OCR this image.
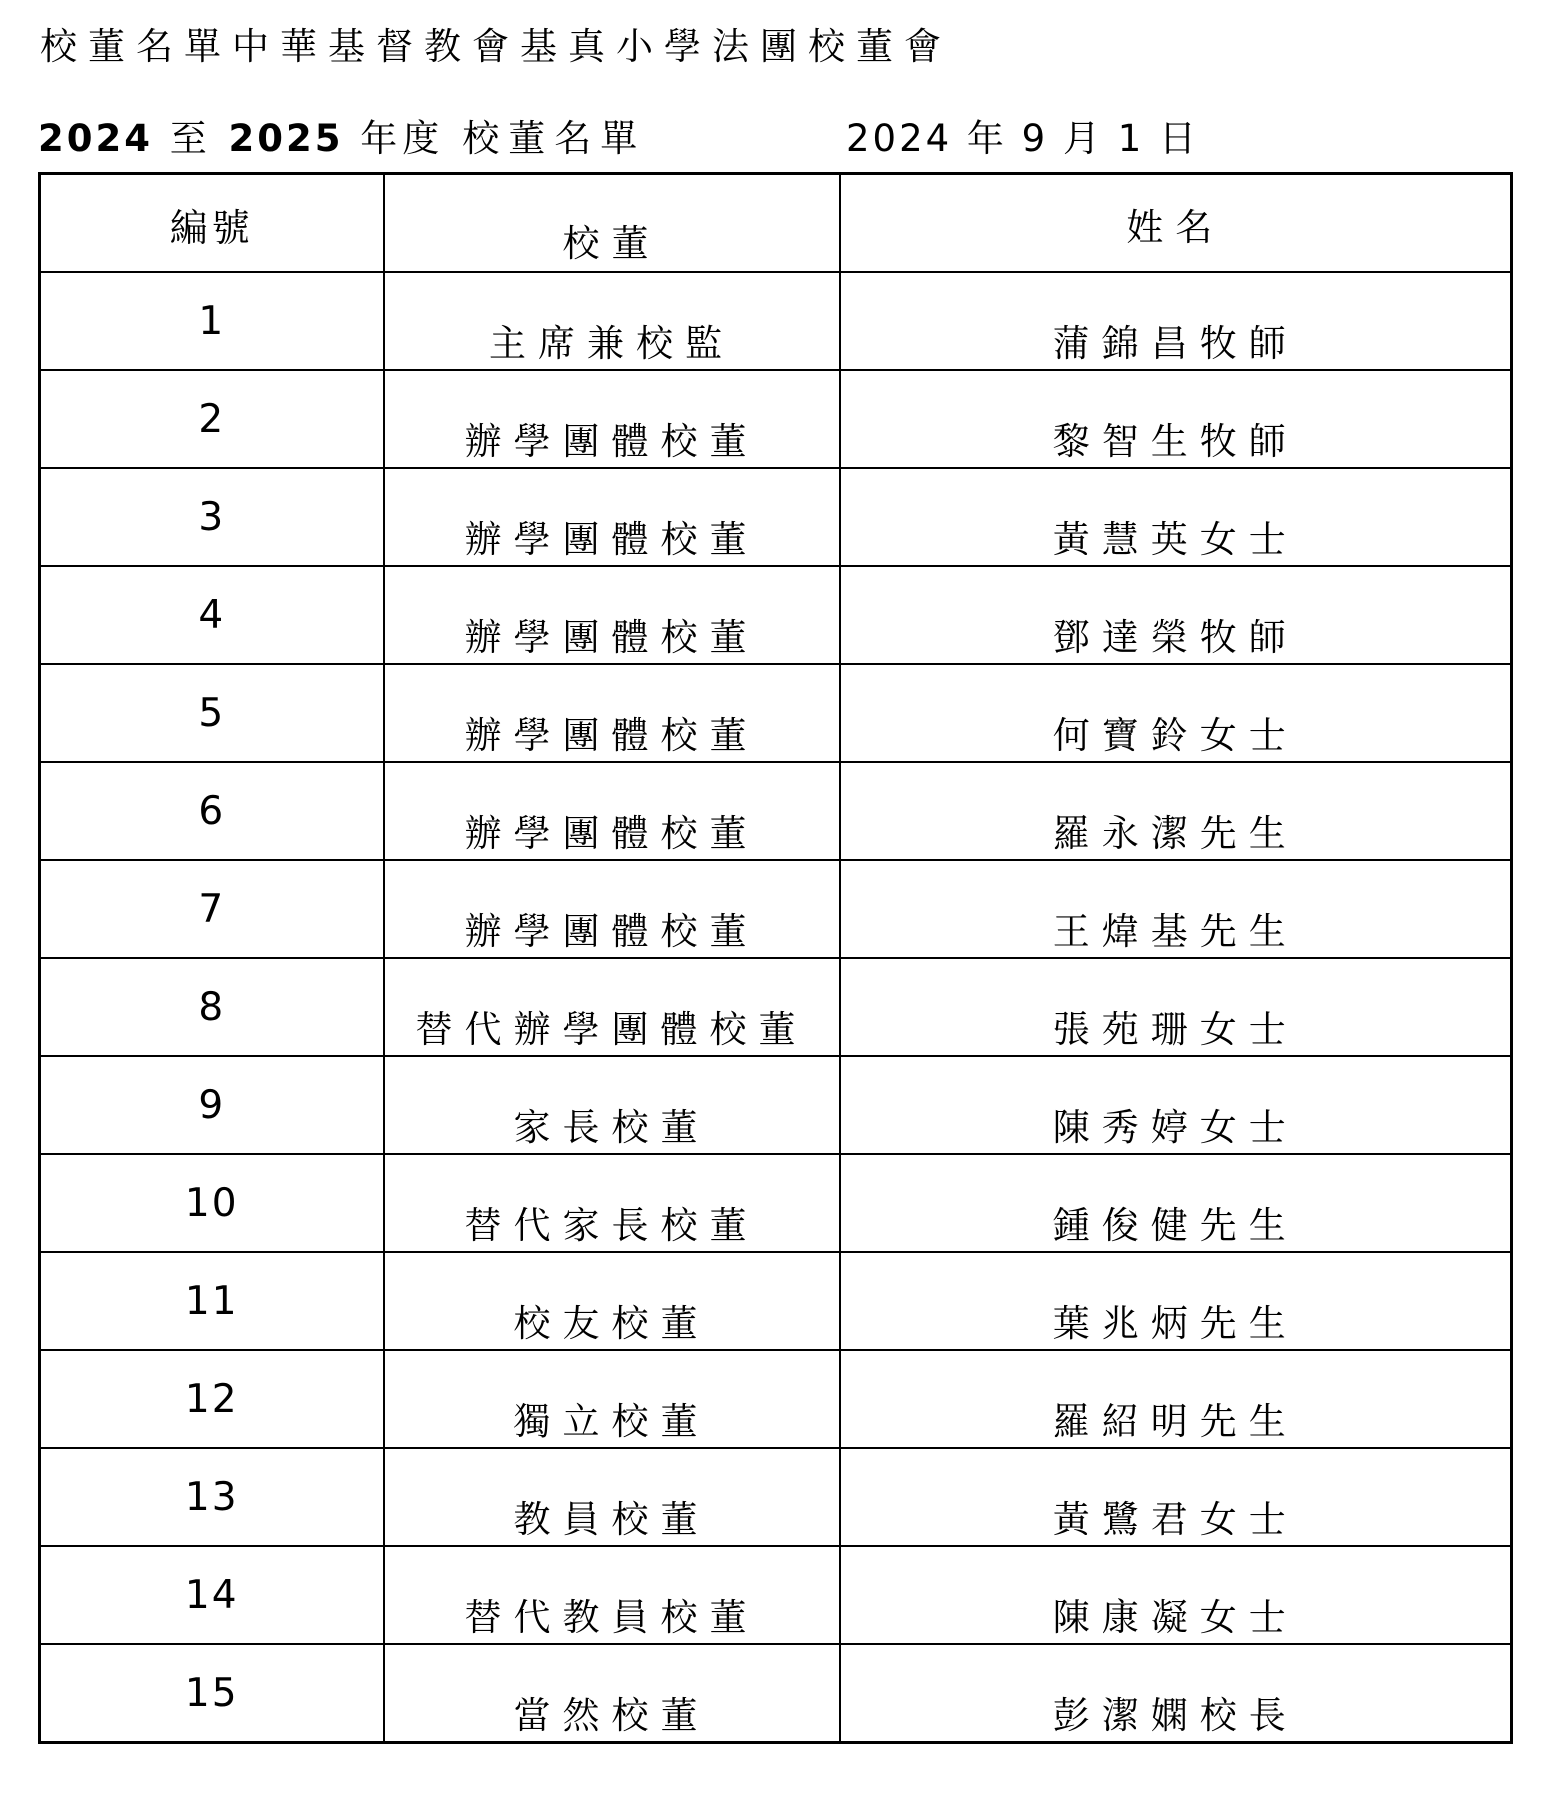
校董名單中華基督教會基真小學法團校董會
2024 至 2025 年度 校董名單	2024 年 9 月 1 日
編號	校董	姓名

1	主席兼校監	蒲錦昌牧師

2	辦學團體校董	黎智生牧師

3	辦學團體校董	黃慧英女士

4	辦學團體校董	鄧達榮牧師

5	辦學團體校董	何寶鈴女士

6	辦學團體校董	羅永潔先生

7	辦學團體校董	王煒基先生

8	替代辦學團體校董	張苑珊女士

9	家長校董	陳秀婷女士

10	替代家長校董	鍾俊健先生

11	校友校董	葉兆炳先生

12	獨立校董	羅紹明先生

13	教員校董	黃鷺君女士

14	替代教員校董	陳康凝女士

15	當然校董	彭潔嫻校長
